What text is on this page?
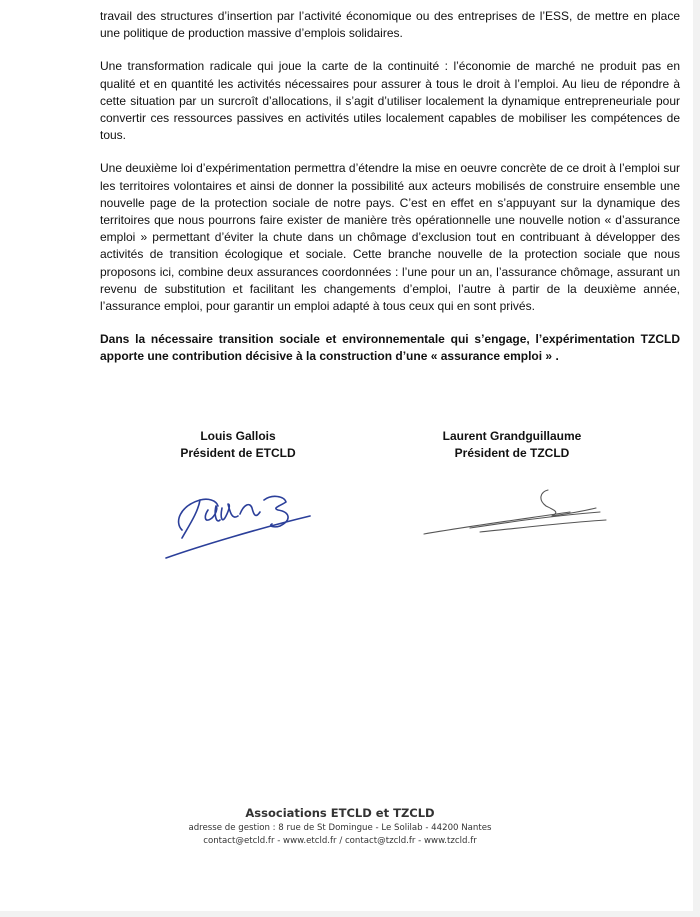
travail des structures d’insertion par l’activité économique ou des entreprises de l’ESS, de mettre en place une politique de production massive d’emplois solidaires.

Une transformation radicale qui joue la carte de la continuité : l’économie de marché ne produit pas en qualité et en quantité les activités nécessaires pour assurer à tous le droit à l’emploi. Au lieu de répondre à cette situation par un surcroît d’allocations, il s’agit d’utiliser localement la dynamique entrepreneuriale pour convertir ces ressources passives en activités utiles localement capables de mobiliser les compétences de tous.

Une deuxième loi d’expérimentation permettra d’étendre la mise en oeuvre concrète de ce droit à l’emploi sur les territoires volontaires et ainsi de donner la possibilité aux acteurs mobilisés de construire ensemble une nouvelle page de la protection sociale de notre pays. C’est en effet en s’appuyant sur la dynamique des territoires que nous pourrons faire exister de manière très opérationnelle une nouvelle notion « d’assurance emploi » permettant d’éviter la chute dans un chômage d’exclusion tout en contribuant à développer des activités de transition écologique et sociale. Cette branche nouvelle de la protection sociale que nous proposons ici, combine deux assurances coordonnées : l’une pour un an, l’assurance chômage, assurant un revenu de substitution et facilitant les changements d’emploi, l’autre à partir de la deuxième année, l’assurance emploi, pour garantir un emploi adapté à tous ceux qui en sont privés.

Dans la nécessaire transition sociale et environnementale qui s’engage, l’expérimentation TZCLD apporte une contribution décisive à la construction d’une « assurance emploi » .

Louis Gallois
Président de ETCLD
Laurent Grandguillaume
Président de TZCLD
Associations ETCLD et TZCLD
adresse de gestion : 8 rue de St Domingue - Le Solilab - 44200 Nantes
contact@etcld.fr - www.etcld.fr / contact@tzcld.fr - www.tzcld.fr
